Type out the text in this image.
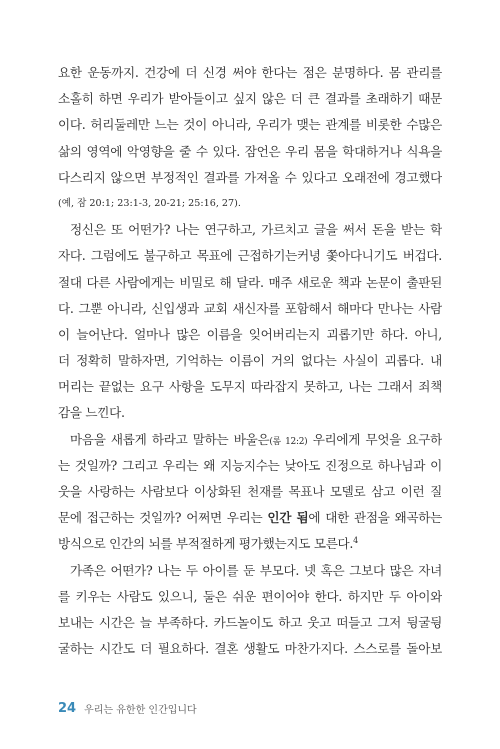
요한 운동까지. 건강에 더 신경 써야 한다는 점은 분명하다. 몸 관리를
소홀히 하면 우리가 받아들이고 싶지 않은 더 큰 결과를 초래하기 때문
이다. 허리둘레만 느는 것이 아니라, 우리가 맺는 관계를 비롯한 수많은
삶의 영역에 악영향을 줄 수 있다. 잠언은 우리 몸을 학대하거나 식욕을
다스리지 않으면 부정적인 결과를 가져올 수 있다고 오래전에 경고했다
(예, 잠 20:1; 23:1-3, 20-21; 25:16, 27).
정신은 또 어떤가? 나는 연구하고, 가르치고 글을 써서 돈을 받는 학
자다. 그럼에도 불구하고 목표에 근접하기는커녕 쫓아다니기도 버겁다.
절대 다른 사람에게는 비밀로 해 달라. 매주 새로운 책과 논문이 출판된
다. 그뿐 아니라, 신입생과 교회 새신자를 포함해서 해마다 만나는 사람
이 늘어난다. 얼마나 많은 이름을 잊어버리는지 괴롭기만 하다. 아니,
더 정확히 말하자면, 기억하는 이름이 거의 없다는 사실이 괴롭다. 내
머리는 끝없는 요구 사항을 도무지 따라잡지 못하고, 나는 그래서 죄책
감을 느낀다.
마음을 새롭게 하라고 말하는 바울은(롬 12:2) 우리에게 무엇을 요구하
는 것일까? 그리고 우리는 왜 지능지수는 낮아도 진정으로 하나님과 이
웃을 사랑하는 사람보다 이상화된 천재를 목표나 모델로 삼고 이런 질
문에 접근하는 것일까? 어쩌면 우리는 인간 됨에 대한 관점을 왜곡하는
방식으로 인간의 뇌를 부적절하게 평가했는지도 모른다.$^4$
가족은 어떤가? 나는 두 아이를 둔 부모다. 넷 혹은 그보다 많은 자녀
를 키우는 사람도 있으니, 둘은 쉬운 편이어야 한다. 하지만 두 아이와
보내는 시간은 늘 부족하다. 카드놀이도 하고 웃고 떠들고 그저 뒹굴뒹
굴하는 시간도 더 필요하다. 결혼 생활도 마찬가지다. 스스로를 돌아보
24 우리는 유한한 인간입니다
